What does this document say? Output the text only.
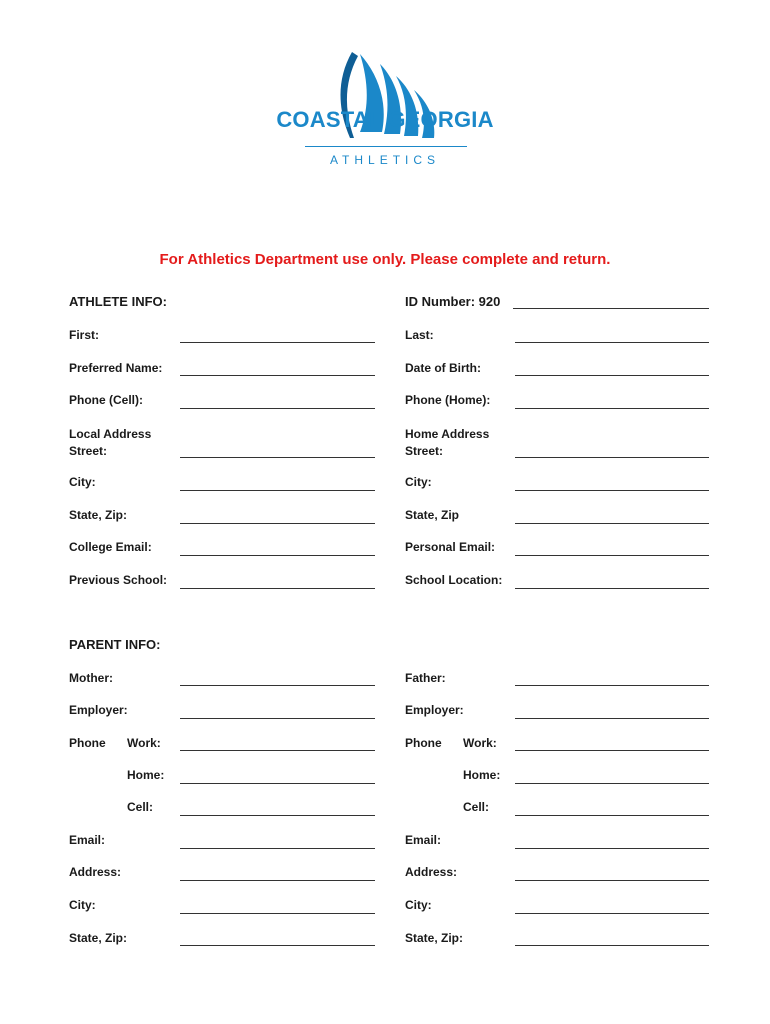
COASTAL GEORGIA
ATHLETICS
For Athletics Department use only. Please complete and return.
ATHLETE INFO:	ID Number: 920
First:
Preferred Name:
Phone (Cell):
Local Address
Street:
City:
State, Zip:
College Email:
Previous School:
Last:
Date of Birth:
Phone (Home):
Home Address
Street:
City:
State, Zip
Personal Email:
School Location:
PARENT INFO:
Mother:
Employer:
Phone Work:
Home:
Cell:
Email:
Address:
City:
State, Zip:
Father:
Employer:
Phone Work:
Home:
Cell:
Email:
Address:
City:
State, Zip:
